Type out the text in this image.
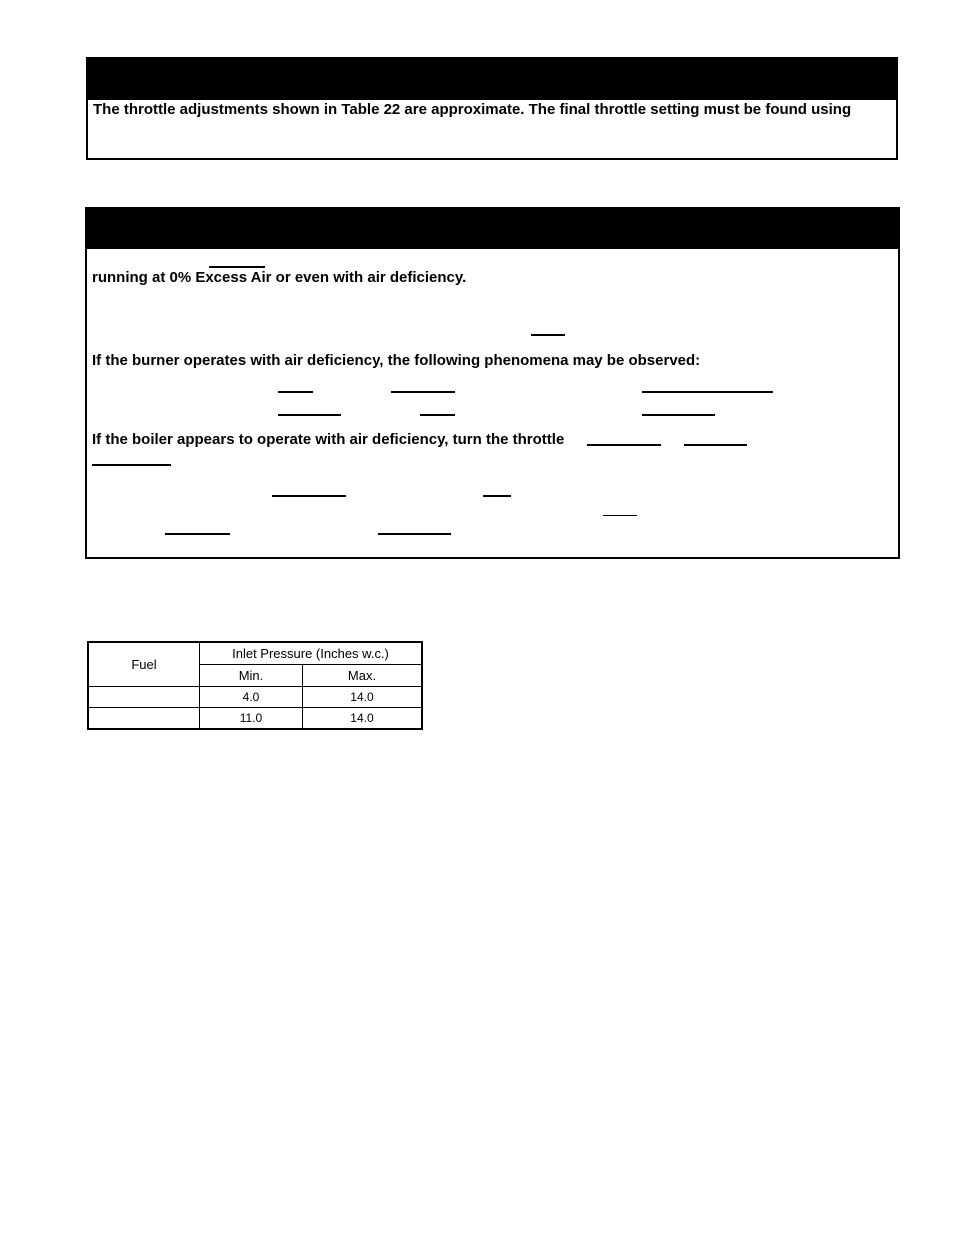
The throttle adjustments shown in Table 22 are approximate. The final throttle setting must be found using
running at 0% Excess Air or even with air deficiency.
If the burner operates with air deficiency, the following phenomena may be observed:
If the boiler appears to operate with air deficiency, turn the throttle
Fuel	Inlet Pressure (Inches w.c.)	
	Min.	Max.
	4.0	14.0
	11.0	14.0
